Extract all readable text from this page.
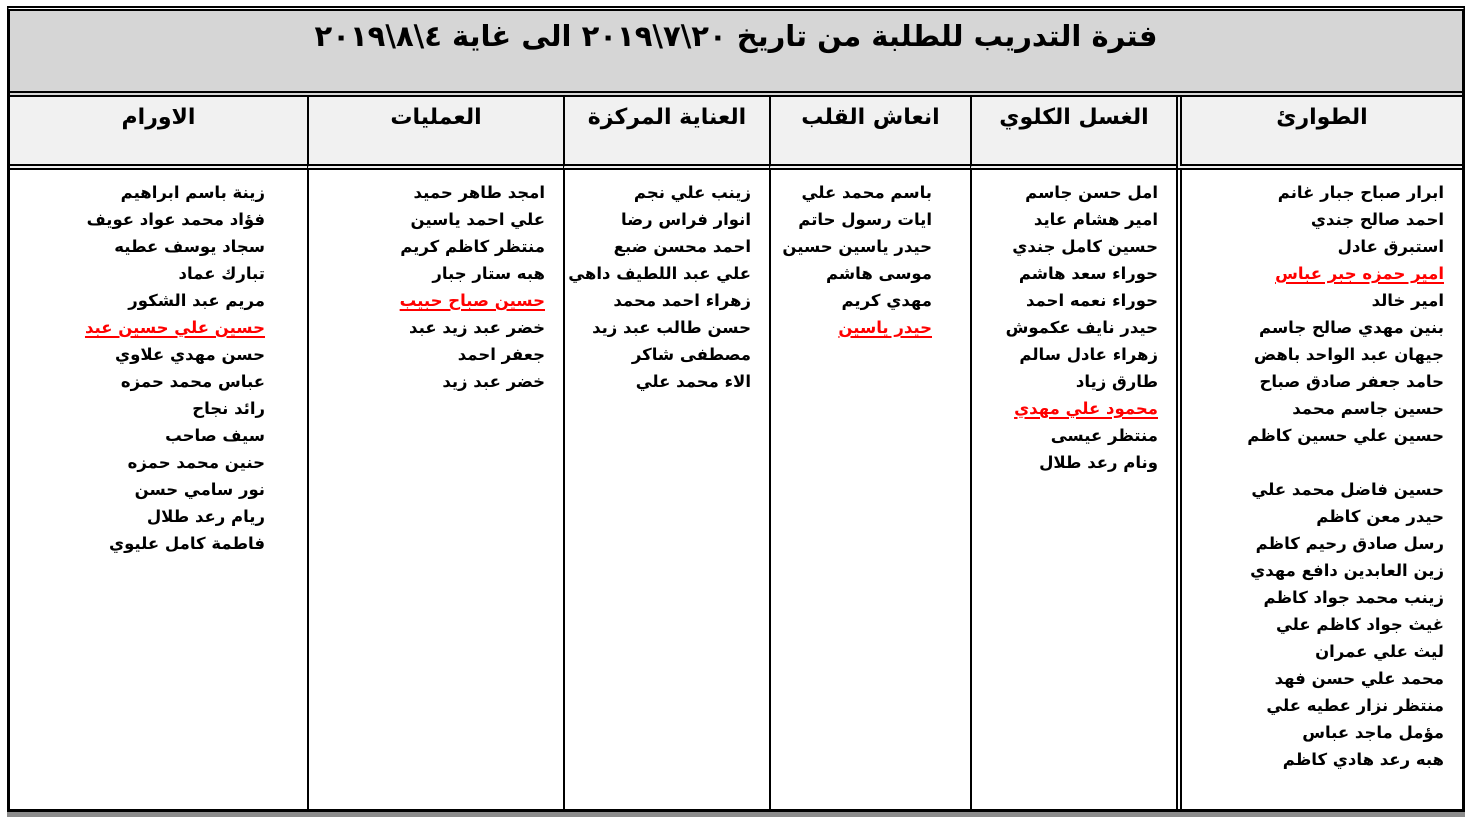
فترة التدريب للطلبة من تاريخ ٢٠\٧\٢٠١٩ الى غاية ٤\٨\٢٠١٩
الطوارئ
الغسل الكلوي
انعاش القلب
العناية المركزة
العمليات
الاورام
ابرار صباح جبار غانم
احمد صالح جندي
استبرق عادل
امير حمزه جبر عباس
امير خالد
بنين مهدي صالح جاسم
جيهان عبد الواحد باهض
حامد جعفر صادق صباح
حسين جاسم محمد
حسين علي حسين كاظم

حسين فاضل محمد علي
حيدر معن كاظم
رسل صادق رحيم كاظم
زين العابدين دافع مهدي
زينب محمد جواد كاظم
غيث جواد كاظم علي
ليث علي عمران
محمد علي حسن فهد
منتظر نزار عطيه علي
مؤمل ماجد عباس
هبه رعد هادي كاظم
امل حسن جاسم
امير هشام عايد
حسين كامل جندي
حوراء سعد هاشم
حوراء نعمه احمد
حيدر نايف عكموش
زهراء عادل سالم
طارق زياد
محمود علي مهدي
منتظر عيسى
ونام رعد طلال
باسم محمد علي
ايات رسول حاتم
حيدر ياسين حسين
موسى هاشم
مهدي كريم
حيدر ياسين
زينب علي نجم
انوار فراس رضا
احمد محسن ضبع
علي عبد اللطيف داهي
زهراء احمد محمد
حسن طالب عبد زيد
مصطفى شاكر
الاء محمد علي
امجد طاهر حميد
علي احمد ياسين
منتظر كاظم كريم
هبه ستار جبار
حسين صباح حبيب
خضر عبد زيد عبد
جعفر احمد
خضر عبد زيد
زينة باسم ابراهيم
فؤاد محمد عواد عويف
سجاد يوسف عطيه
تبارك عماد
مريم عبد الشكور
حسين علي حسين عبد
حسن مهدي علاوي
عباس محمد حمزه
رائد نجاح
سيف صاحب
حنين محمد حمزه
نور سامي حسن
ريام رعد طلال
فاطمة كامل عليوي
